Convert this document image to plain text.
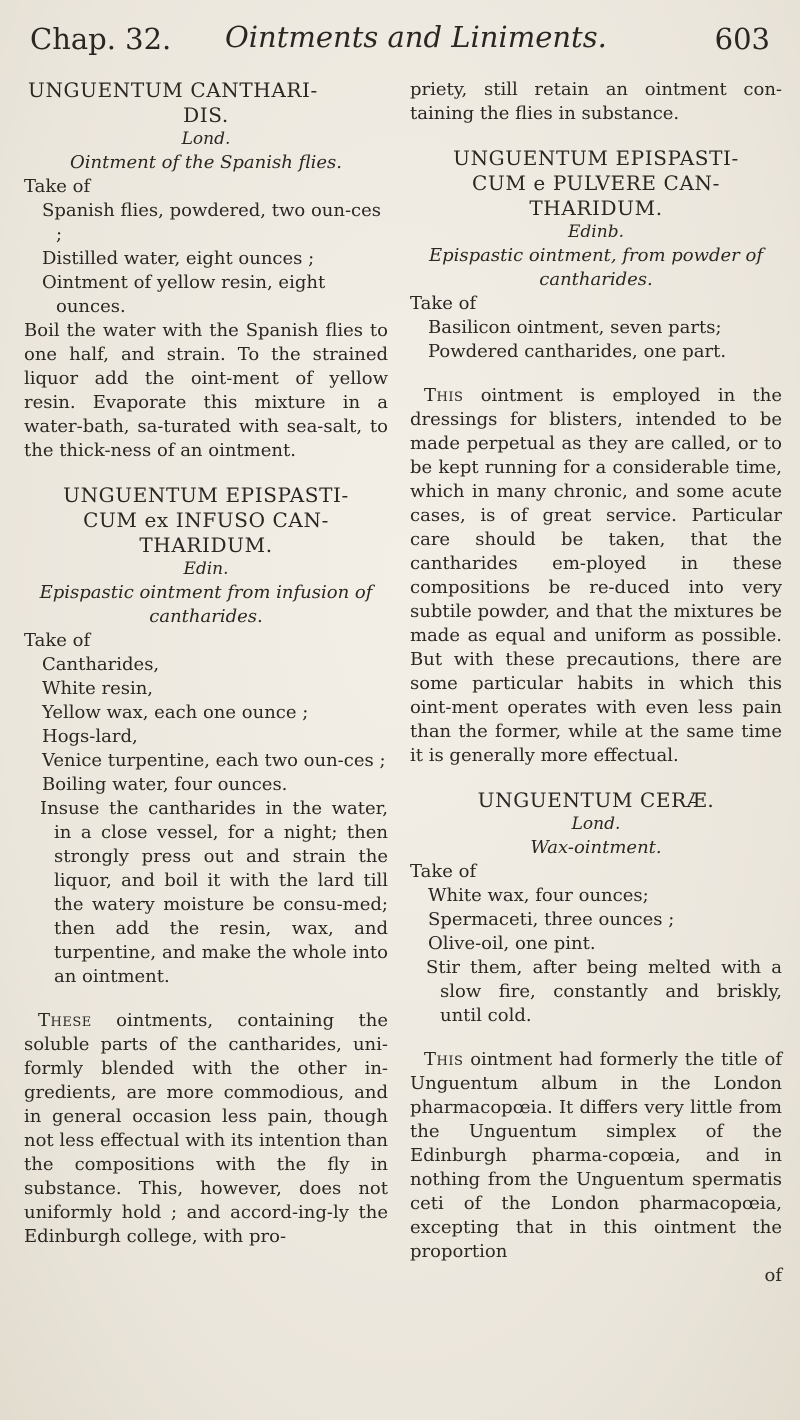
Chap. 32. Ointments and Liniments.	603

UNGUENTUM CANTHARI-

DIS.

Lond.

Ointment of the Spanish flies.

Take of

Spanish flies, powdered, two oun-ces ;

Distilled water, eight ounces ;

Ointment of yellow resin, eight ounces.

Boil the water with the Spanish flies to one half, and strain. To the strained liquor add the oint-ment of yellow resin. Evaporate this mixture in a water-bath, sa-turated with sea-salt, to the thick-ness of an ointment.

UNGUENTUM EPISPASTI-

CUM ex INFUSO CAN-

THARIDUM.

Edin.

Epispastic ointment from infusion of

cantharides.

Take of

Cantharides,

White resin,

Yellow wax, each one ounce ;

Hogs-lard,

Venice turpentine, each two oun-ces ;

Boiling water, four ounces.

Insuse the cantharides in the water, in a close vessel, for a night; then strongly press out and strain the liquor, and boil it with the lard till the watery moisture be consu-med; then add the resin, wax, and turpentine, and make the whole into an ointment.

These ointments, containing the soluble parts of the cantharides, uni-formly blended with the other in-gredients, are more commodious, and in general occasion less pain, though not less effectual with its intention than the compositions with the fly in substance. This, however, does not uniformly hold ; and accord-ing-ly the Edinburgh college, with pro-

priety, still retain an ointment con-taining the flies in substance.

UNGUENTUM EPISPASTI-

CUM e PULVERE CAN-

THARIDUM.

Edinb.

Epispastic ointment, from powder of

cantharides.

Take of

Basilicon ointment, seven parts;

Powdered cantharides, one part.

This ointment is employed in the dressings for blisters, intended to be made perpetual as they are called, or to be kept running for a considerable time, which in many chronic, and some acute cases, is of great service. Particular care should be taken, that the cantharides em-ployed in these compositions be re-duced into very subtile powder, and that the mixtures be made as equal and uniform as possible. But with these precautions, there are some particular habits in which this oint-ment operates with even less pain than the former, while at the same time it is generally more effectual.

UNGUENTUM CERÆ.

Lond.

Wax-ointment.

Take of

White wax, four ounces;

Spermaceti, three ounces ;

Olive-oil, one pint.

Stir them, after being melted with a slow fire, constantly and briskly, until cold.

This ointment had formerly the title of Unguentum album in the London pharmacopœia. It differs very little from the Unguentum simplex of the Edinburgh pharma-copœia, and in nothing from the Unguentum spermatis ceti of the London pharmacopœia, excepting that in this ointment the proportion

of
